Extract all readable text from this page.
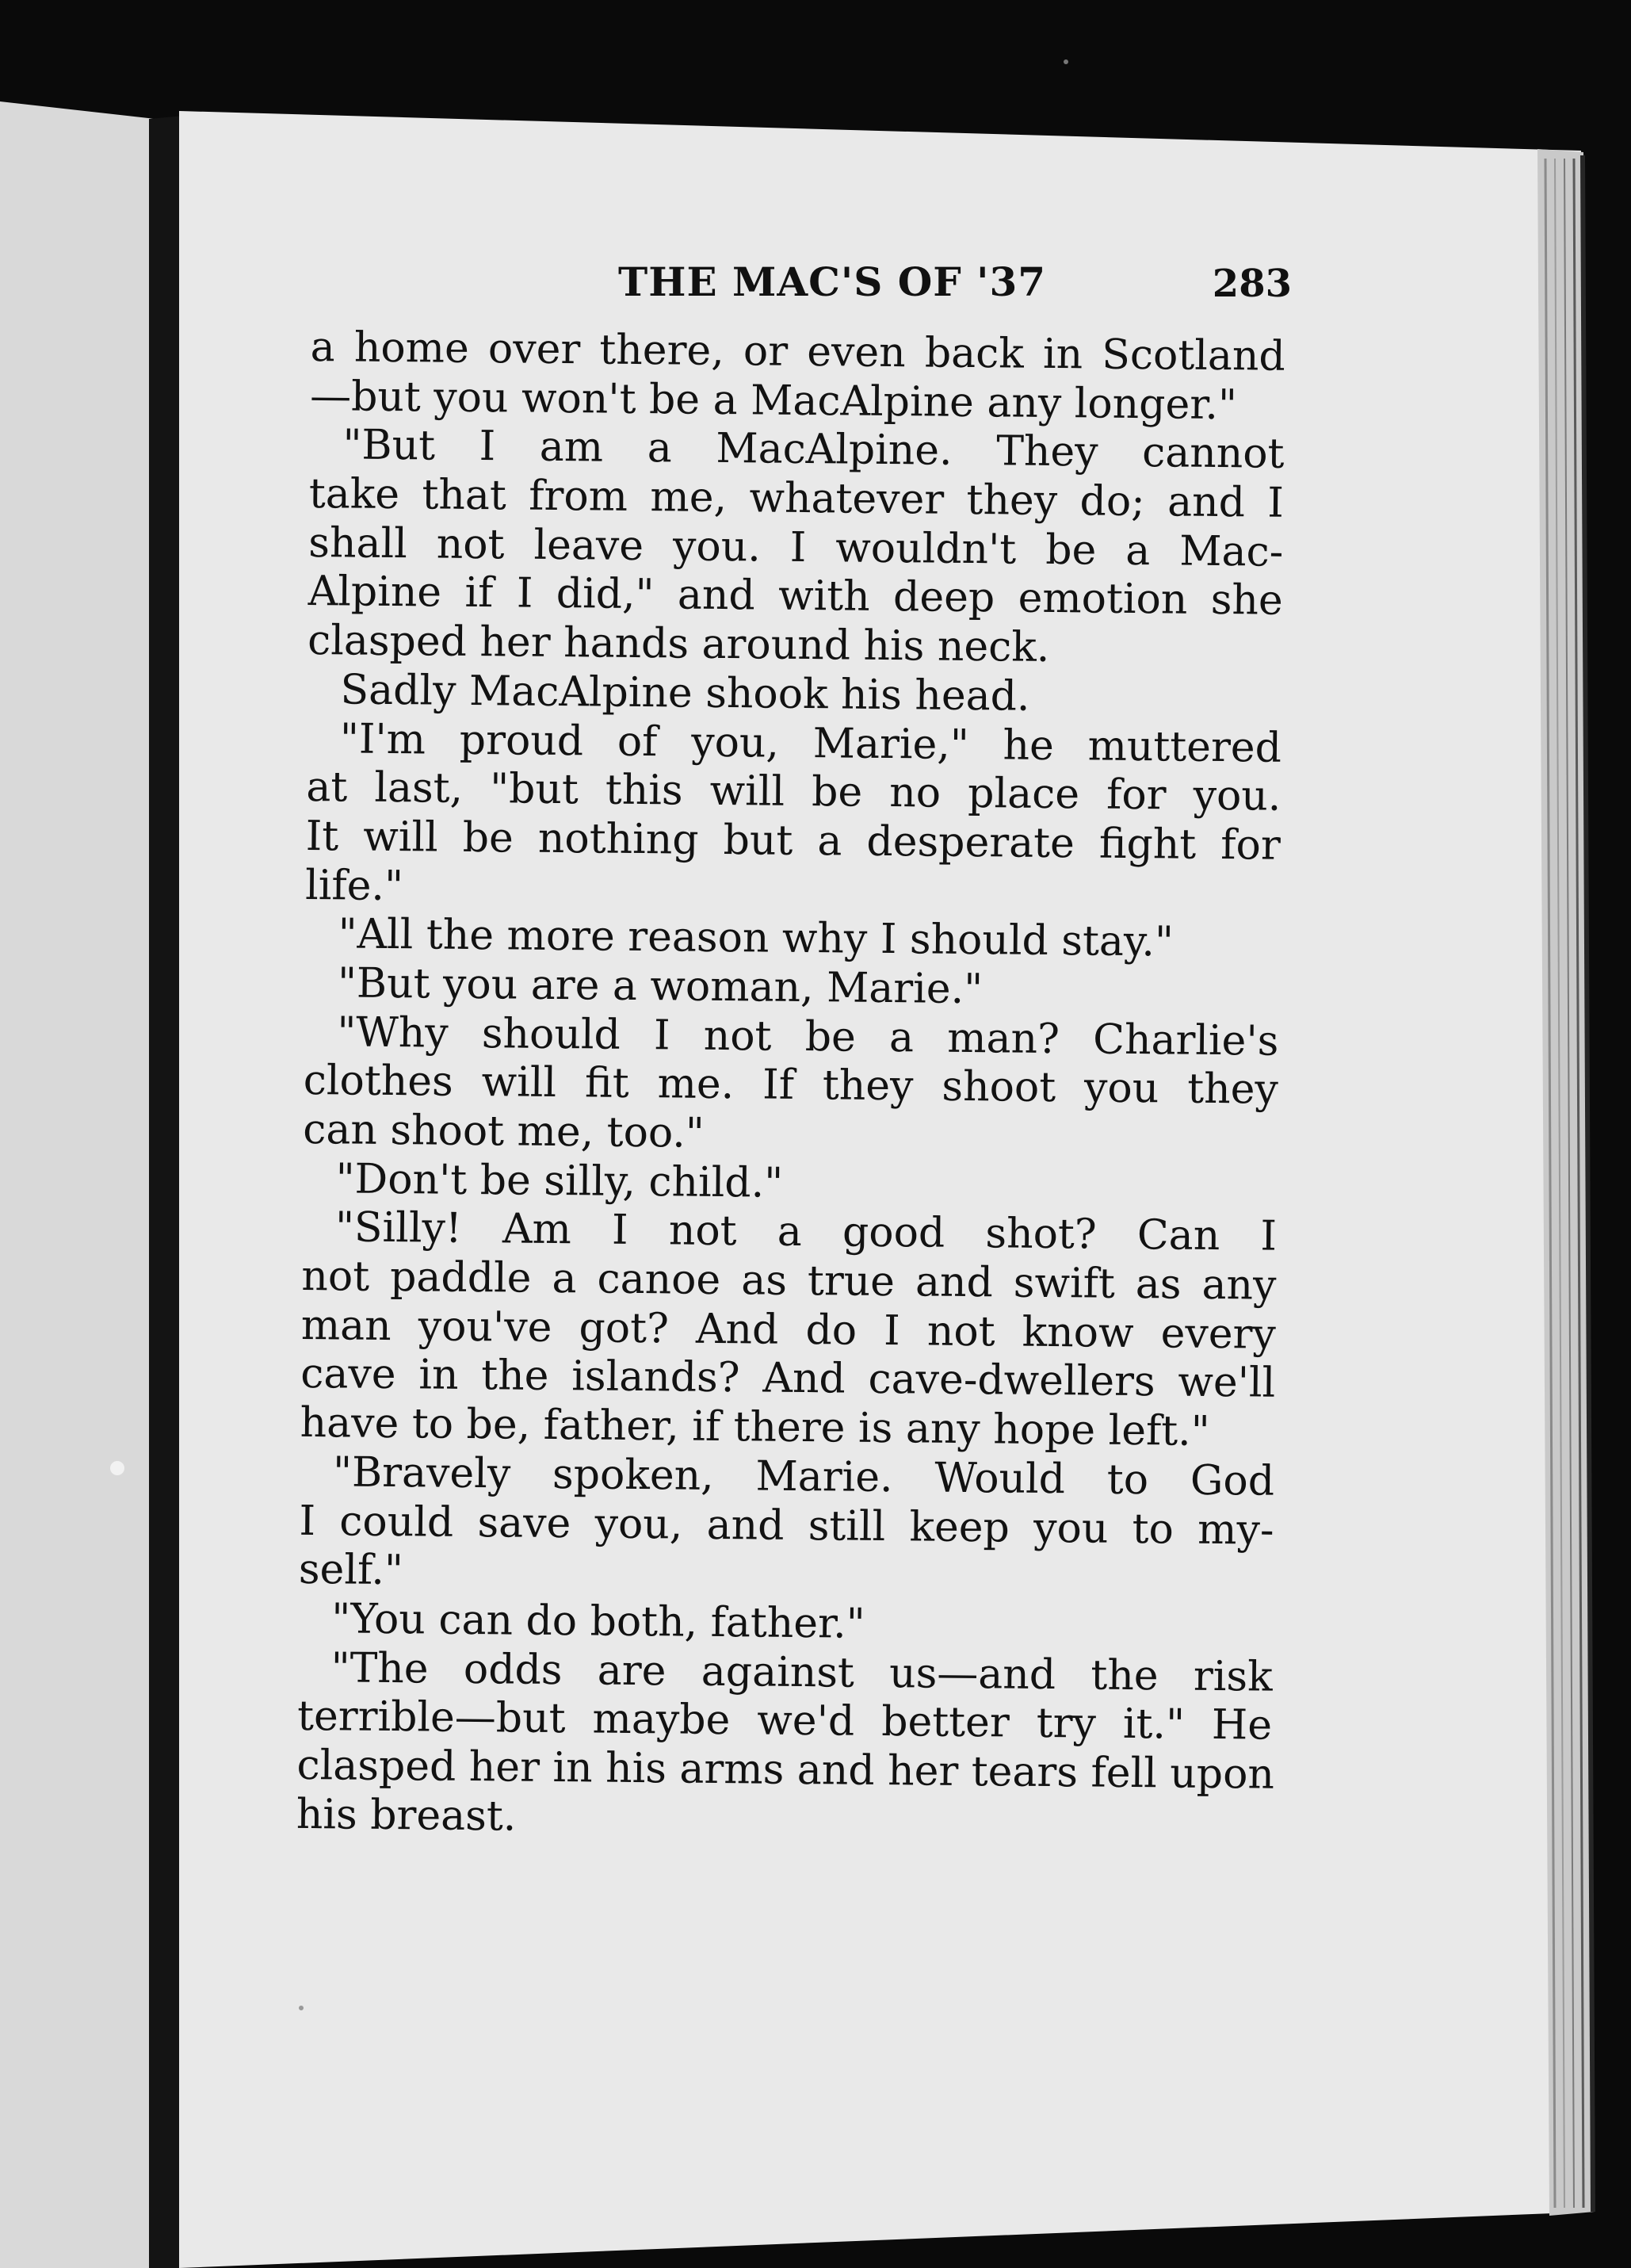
THE MAC'S OF '37	283
a home over there, or even back in Scotland
—but you won't be a MacAlpine any longer."
"But I am a MacAlpine. They cannot
take that from me, whatever they do; and I
shall not leave you. I wouldn't be a Mac-
Alpine if I did," and with deep emotion she
clasped her hands around his neck.
Sadly MacAlpine shook his head.
"I'm proud of you, Marie," he muttered
at last, "but this will be no place for you.
It will be nothing but a desperate fight for
life."
"All the more reason why I should stay."
"But you are a woman, Marie."
"Why should I not be a man? Charlie's
clothes will fit me. If they shoot you they
can shoot me, too."
"Don't be silly, child."
"Silly! Am I not a good shot? Can I
not paddle a canoe as true and swift as any
man you've got? And do I not know every
cave in the islands? And cave-dwellers we'll
have to be, father, if there is any hope left."
"Bravely spoken, Marie. Would to God
I could save you, and still keep you to my-
self."
"You can do both, father."
"The odds are against us—and the risk
terrible—but maybe we'd better try it." He
clasped her in his arms and her tears fell upon
his breast.
